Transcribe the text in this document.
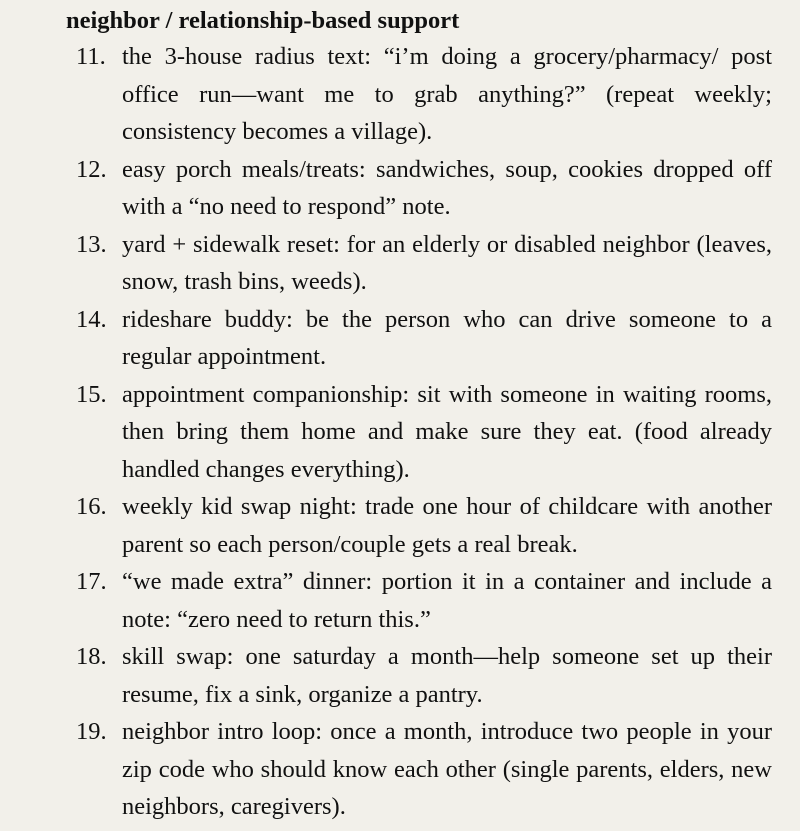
neighbor / relationship-based support
11. the 3-house radius text: “i’m doing a grocery/pharmacy/ post office run—want me to grab anything?” (repeat weekly; consistency becomes a village).
12. easy porch meals/treats: sandwiches, soup, cookies dropped off with a “no need to respond” note.
13. yard + sidewalk reset: for an elderly or disabled neighbor (leaves, snow, trash bins, weeds).
14. rideshare buddy: be the person who can drive someone to a regular appointment.
15. appointment companionship: sit with someone in waiting rooms, then bring them home and make sure they eat. (food already handled changes everything).
16. weekly kid swap night: trade one hour of childcare with another parent so each person/couple gets a real break.
17. “we made extra” dinner: portion it in a container and include a note: “zero need to return this.”
18. skill swap: one saturday a month—help someone set up their resume, fix a sink, organize a pantry.
19. neighbor intro loop: once a month, introduce two people in your zip code who should know each other (single parents, elders, new neighbors, caregivers).
